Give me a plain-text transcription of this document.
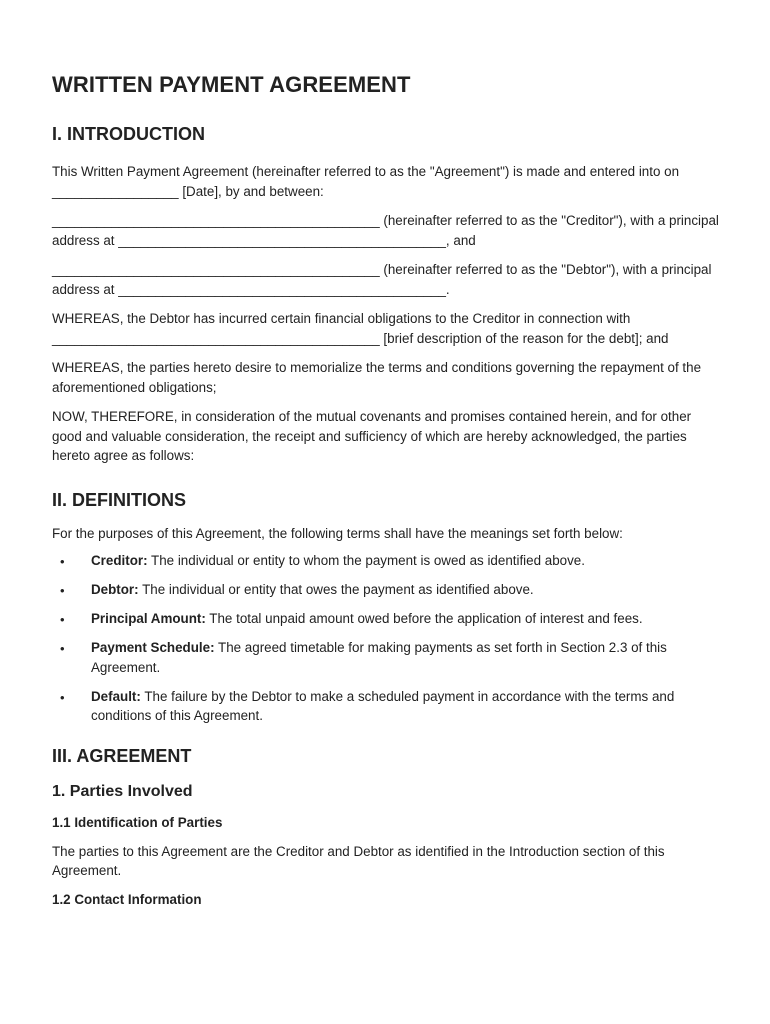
WRITTEN PAYMENT AGREEMENT
I. INTRODUCTION

This Written Payment Agreement (hereinafter referred to as the "Agreement") is made and entered into on _________________ [Date], by and between:

____________________________________________ (hereinafter referred to as the "Creditor"), with a principal address at ____________________________________________, and

____________________________________________ (hereinafter referred to as the "Debtor"), with a principal address at ____________________________________________.

WHEREAS, the Debtor has incurred certain financial obligations to the Creditor in connection with ____________________________________________ [brief description of the reason for the debt]; and

WHEREAS, the parties hereto desire to memorialize the terms and conditions governing the repayment of the aforementioned obligations;

NOW, THEREFORE, in consideration of the mutual covenants and promises contained herein, and for other good and valuable consideration, the receipt and sufficiency of which are hereby acknowledged, the parties hereto agree as follows:

II. DEFINITIONS

For the purposes of this Agreement, the following terms shall have the meanings set forth below:

• Creditor: The individual or entity to whom the payment is owed as identified above.
• Debtor: The individual or entity that owes the payment as identified above.
• Principal Amount: The total unpaid amount owed before the application of interest and fees.
• Payment Schedule: The agreed timetable for making payments as set forth in Section 2.3 of this Agreement.
• Default: The failure by the Debtor to make a scheduled payment in accordance with the terms and conditions of this Agreement.
III. AGREEMENT
1. Parties Involved
1.1 Identification of Parties

The parties to this Agreement are the Creditor and Debtor as identified in the Introduction section of this Agreement.

1.2 Contact Information
